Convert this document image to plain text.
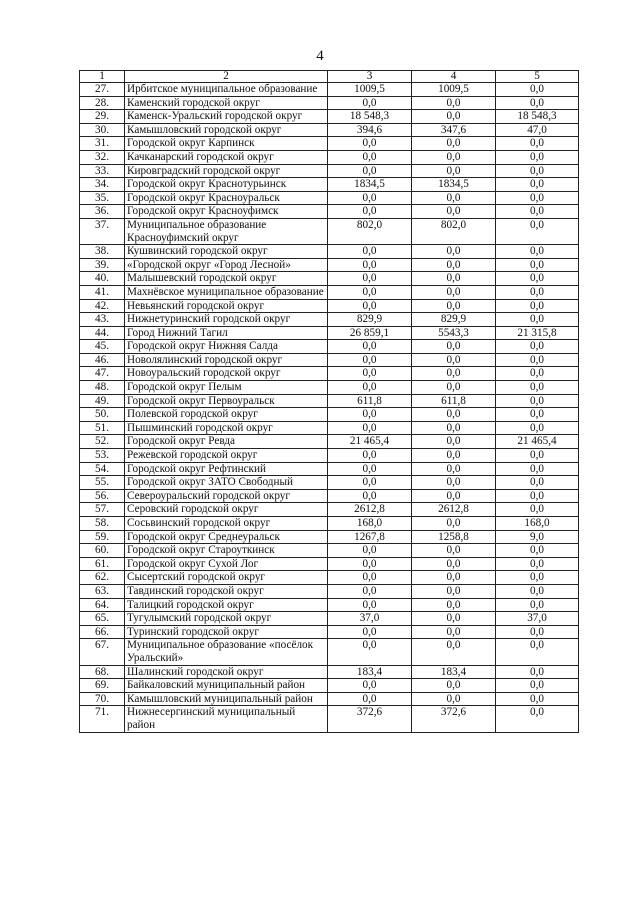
4
1	2	3	4	5
27.	Ирбитское муниципальное образование	1009,5	1009,5	0,0
28.	Каменский городской округ	0,0	0,0	0,0
29.	Каменск-Уральский городской округ	18 548,3	0,0	18 548,3
30.	Камышловский городской округ	394,6	347,6	47,0
31.	Городской округ Карпинск	0,0	0,0	0,0
32.	Качканарский городской округ	0,0	0,0	0,0
33.	Кировградский городской округ	0,0	0,0	0,0
34.	Городской округ Краснотурьинск	1834,5	1834,5	0,0
35.	Городской округ Красноуральск	0,0	0,0	0,0
36.	Городской округ Красноуфимск	0,0	0,0	0,0
37.	Муниципальное образование Красноуфимский округ	802,0	802,0	0,0
38.	Кушвинский городской округ	0,0	0,0	0,0
39.	«Городской округ «Город Лесной»	0,0	0,0	0,0
40.	Малышевский городской округ	0,0	0,0	0,0
41.	Махнёвское муниципальное образование	0,0	0,0	0,0
42.	Невьянский городской округ	0,0	0,0	0,0
43.	Нижнетуринский городской округ	829,9	829,9	0,0
44.	Город Нижний Тагил	26 859,1	5543,3	21 315,8
45.	Городской округ Нижняя Салда	0,0	0,0	0,0
46.	Новолялинский городской округ	0,0	0,0	0,0
47.	Новоуральский городской округ	0,0	0,0	0,0
48.	Городской округ Пелым	0,0	0,0	0,0
49.	Городской округ Первоуральск	611,8	611,8	0,0
50.	Полевской городской округ	0,0	0,0	0,0
51.	Пышминский городской округ	0,0	0,0	0,0
52.	Городской округ Ревда	21 465,4	0,0	21 465,4
53.	Режевской городской округ	0,0	0,0	0,0
54.	Городской округ Рефтинский	0,0	0,0	0,0
55.	Городской округ ЗАТО Свободный	0,0	0,0	0,0
56.	Североуральский городской округ	0,0	0,0	0,0
57.	Серовский городской округ	2612,8	2612,8	0,0
58.	Сосьвинский городской округ	168,0	0,0	168,0
59.	Городской округ Среднеуральск	1267,8	1258,8	9,0
60.	Городской округ Староуткинск	0,0	0,0	0,0
61.	Городской округ Сухой Лог	0,0	0,0	0,0
62.	Сысертский городской округ	0,0	0,0	0,0
63.	Тавдинский городской округ	0,0	0,0	0,0
64.	Талицкий городской округ	0,0	0,0	0,0
65.	Тугулымский городской округ	37,0	0,0	37,0
66.	Туринский городской округ	0,0	0,0	0,0
67.	Муниципальное образование «посёлок Уральский»	0,0	0,0	0,0
68.	Шалинский городской округ	183,4	183,4	0,0
69.	Байкаловский муниципальный район	0,0	0,0	0,0
70.	Камышловский муниципальный район	0,0	0,0	0,0
71.	Нижнесергинский муниципальный район	372,6	372,6	0,0
